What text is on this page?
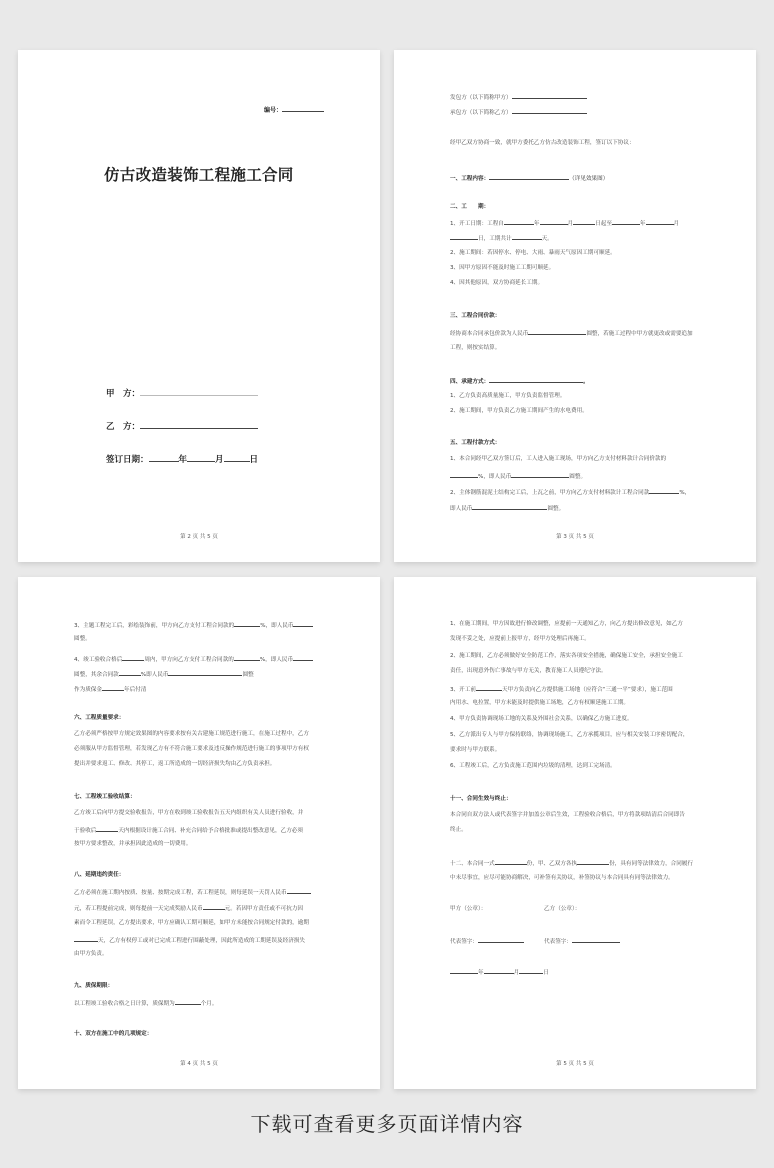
编号：
仿古改造装饰工程施工合同
甲　方：
乙　方：
签订日期：	年	月	日
第 2 页 共 5 页
发包方（以下简称甲方）
承包方（以下简称乙方）
经甲乙双方协商一致，就甲方委托乙方仿古改造装饰工程，签订以下协议：
一、工程内容：	（详见效果图）
二、工　　期：
1、开工日期：工程自	年	月	日起至	年	月
日，工期共计	天。
2、施工期间：若因停水、停电、大雨、暴雨天气原因工期可顺延。
3、因甲方原因不能及时施工工期可顺延。
4、因其他原因，双方协商延长工期。
三、工程合同价款：
经协商本合同承包价款为人民币	圆整，若施工过程中甲方就更改或需要追加
工程，则按实结算。
四、承建方式：	。
1、乙方负责高质量施工，甲方负责监督管理。
2、施工期间，甲方负责乙方施工期间产生的水电费用。
五、工程付款方式：
1、本合同经甲乙双方签订后，工人进入施工现场，甲方向乙方支付材料款计合同价款的
%，即人民币	圆整。
2、主体钢筋混泥土结构完工后，上瓦之前，甲方向乙方支付材料款计工程合同款	%，
即人民币	圆整。
第 3 页 共 5 页
3、主题工程完工后，彩绘装饰前，甲方向乙方支付工程合同款的	%，即人民币
圆整。
4、竣工验收合格后	周内，甲方向乙方支付工程合同款的	%，即人民币
圆整，其余合同款	%即人民币	圆整
作为质保金	年后付清
六、工程质量要求：
乙方必须严格按甲方规定效果图的内容要求按有关古建施工规范进行施工，在施工过程中，乙方
必须服从甲方监督管理，若发现乙方有不符合施工要求及违反操作规范进行施工的事项甲方有权
提出并要求返工、修改、其停工，返工所造成的一切经济损失均由乙方负责承担。
七、工程竣工验收结算：
乙方竣工后向甲方提交验收报告，甲方在收到竣工验收报告五天内组织有关人员进行验收，并
于验收后	天内根据设计施工合同、补充合同给予合格批准或提出整改意见，乙方必须
按甲方要求整改，并承担因此造成的一切费用。
八、延期违约责任：
乙方必须在施工期内按质、按量、按期完成工程，若工程延误，则每延误一天罚人民币
元，若工程提前完成，则每提前一天完成奖励人民币	元。若因甲方责任或不可抗力因
素而令工程延误，乙方提出要求，甲方应确认工期可顺延，如甲方未能按合同规定付款的，逾期
天，乙方有权停工或对已完成工程进行围蔽处理，因此所造成的工期延误及经济损失
由甲方负责。
九、质保期限：
以工程竣工验收合格之日计算，质保期为	个月。
十、双方在施工中的几项规定：
第 4 页 共 5 页
1、在施工期间，甲方因故进行修改调整，应提前一天通知乙方，向乙方提出修改意见，如乙方
发现不妥之处，应提前上报甲方，经甲方处理后再施工。
2、施工期间，乙方必须做好安全防范工作，落实各项安全措施，确保施工安全，承担安全施工
责任，出现意外伤亡事故与甲方无关，教育施工人员遵纪守法。
3、开工前	天甲方负责向乙方提供施工场地（应符合“三通一平”要求），施工范围
内用水、电拉置，甲方未能及时提供施工场地，乙方有权顺延施工工期。
4、甲方负责协调现场工地的关系及外围社会关系，以确保乙方施工进度。
5、乙方派出专人与甲方保持联络，协调现场施工，乙方承揽项目，应与相关安装工序密切配合，
要求时与甲方联系。
6、工程竣工后，乙方负责施工范围内垃圾的清理，达到工完场清。
十一、合同生效与终止：
本合同自双方法人或代表签字并加盖公章后生效，工程验收合格后，甲方将款项结清后合同即告
终止。
十二、本合同一式	份，甲、乙双方各执	份，具有同等法律效力，合同履行
中未尽事宜，应尽可能协商解决，可补签有关协议，补签协议与本合同具有同等法律效力。
甲方（公章）：	乙方（公章）：
代表签字：	代表签字：
年	月	日
第 5 页 共 5 页
下载可查看更多页面详情内容
